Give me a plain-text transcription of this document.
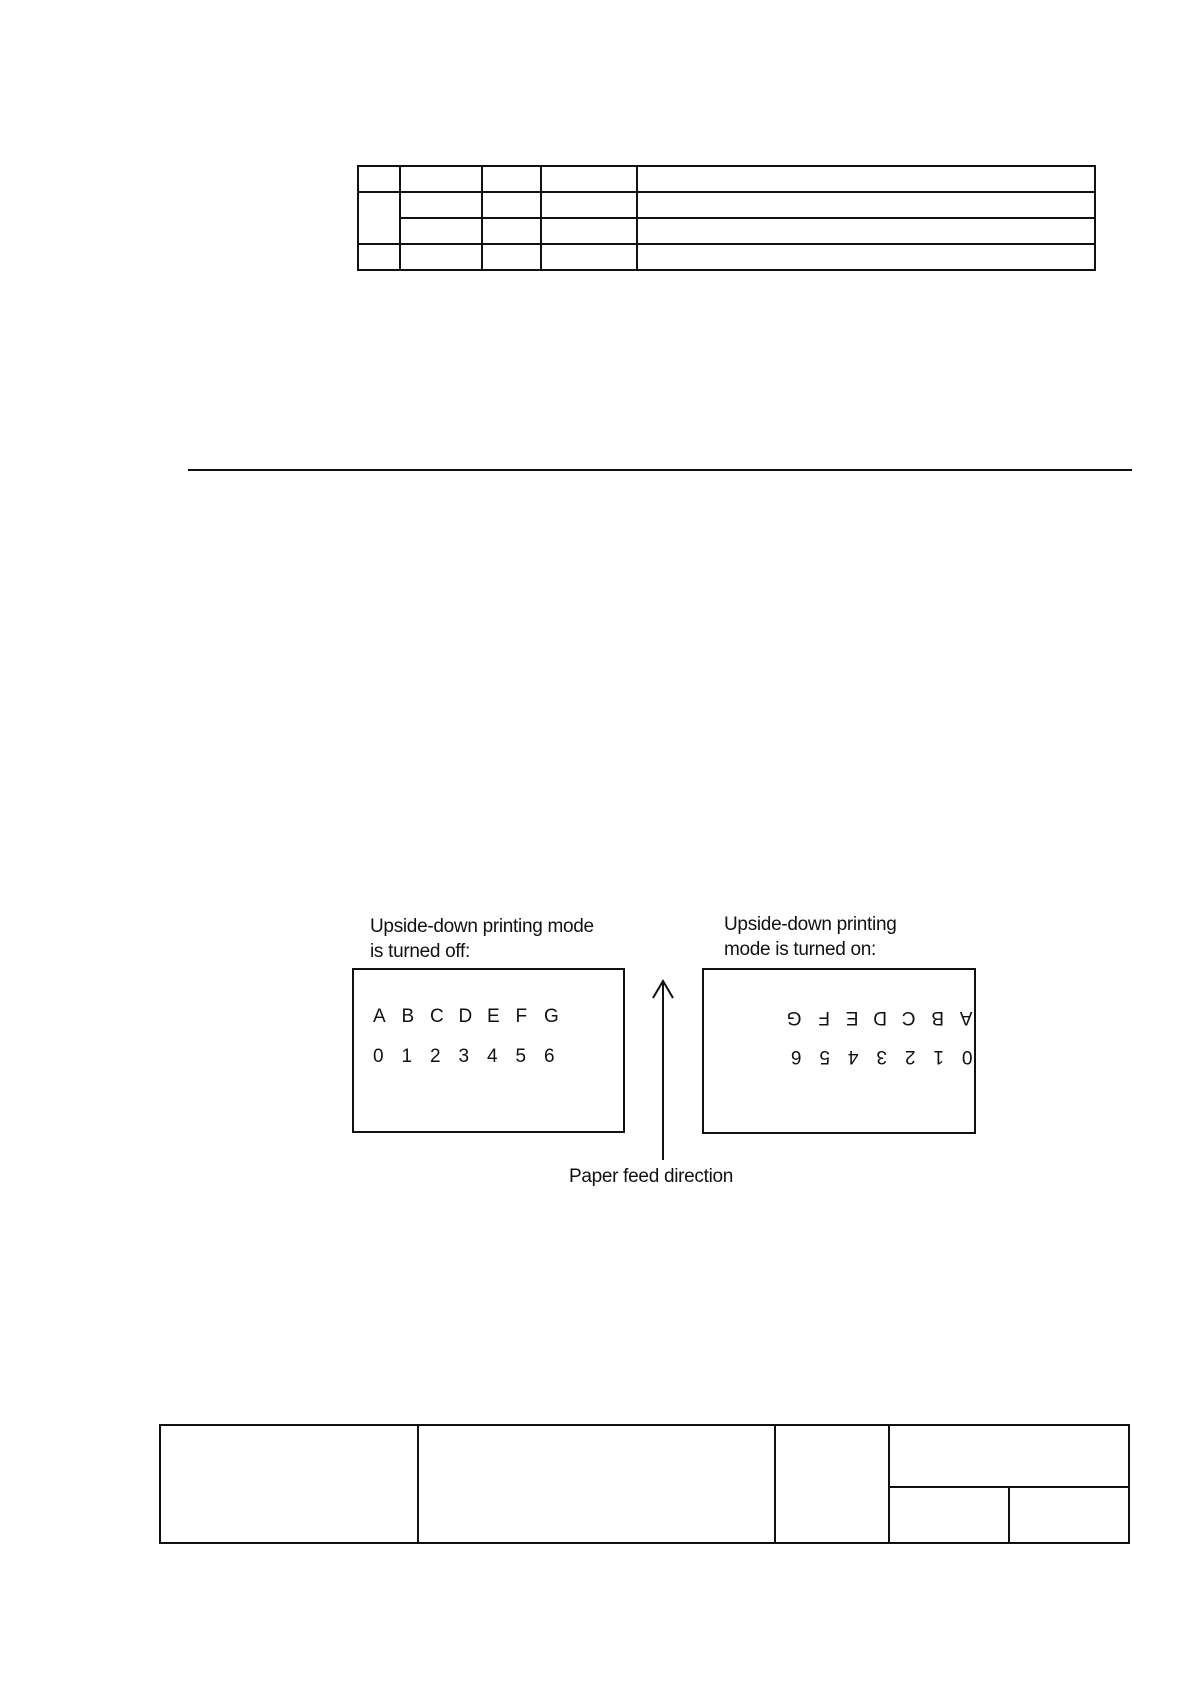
Upside-down printing mode
is turned off:
Upside-down printing
mode is turned on:
A B C D E F G
0 1 2 3 4 5 6
Paper feed direction
ABCDEFG
0123456
